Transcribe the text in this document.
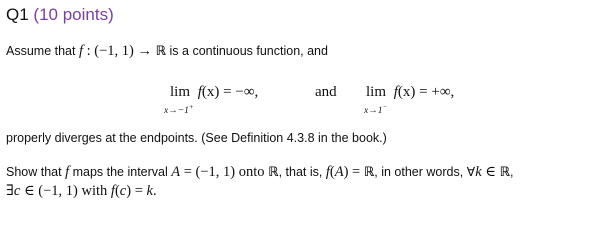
Q1 (10 points)
Assume that f : (−1, 1) → ℝ is a continuous function, and
lim
x→−1+
f(x) = −∞,	and lim
x→1−
f(x) = +∞,
properly diverges at the endpoints. (See Definition 4.3.8 in the book.)
Show that f maps the interval A = (−1, 1) onto ℝ, that is, f(A) = ℝ, in other words, ∀k ∈ ℝ,
∃c ∈ (−1, 1) with f(c) = k.
